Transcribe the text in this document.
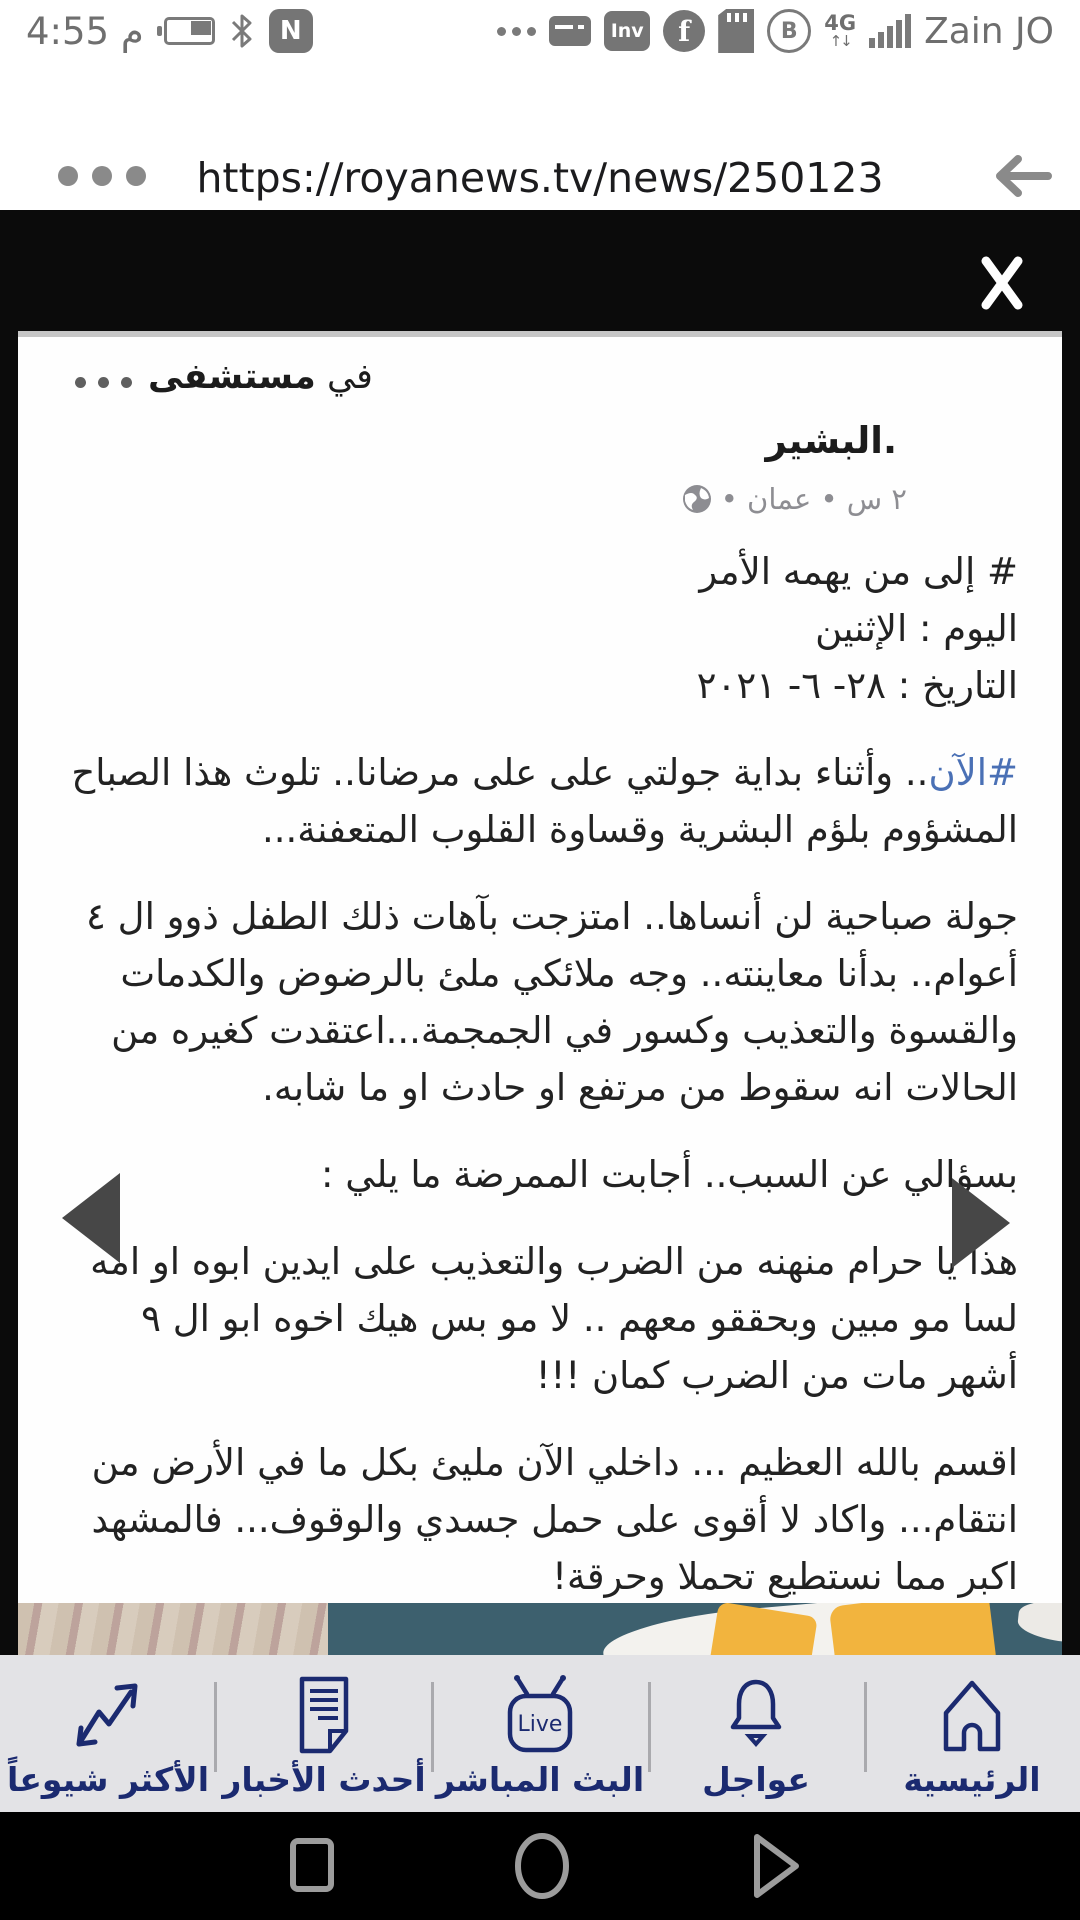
م 4:55	N	Inv	f	B	4G
↑↓ Zain JO
https://royanews.tv/news/250123
في مستشفى
البشير.
٢ س • عمان •
# إلى من يهمه الأمر
اليوم : الإثنين
التاريخ : ٢٨- ٦- ٢٠٢١
#الآن.. وأثناء بداية جولتي على على مرضانا.. تلوث هذا الصباح
المشؤوم بلؤم البشرية وقساوة القلوب المتعفنة...
جولة صباحية لن أنساها.. امتزجت بآهات ذلك الطفل ذوو ال ٤
أعوام.. بدأنا معاينته.. وجه ملائكي ملئ بالرضوض والكدمات
والقسوة والتعذيب وكسور في الجمجمة...اعتقدت كغيره من
الحالات انه سقوط من مرتفع او حادث او ما شابه.
بسؤالي عن السبب.. أجابت الممرضة ما يلي :
هذا يا حرام منهنه من الضرب والتعذيب على ايدين ابوه او امه
لسا مو مبين وبحققو معهم .. لا مو بس هيك اخوه ابو ال ٩
أشهر مات من الضرب كمان !!!
اقسم بالله العظيم ... داخلي الآن مليئ بكل ما في الأرض من
انتقام... واكاد لا أقوى على حمل جسدي والوقوف... فالمشهد
اكبر مما نستطيع تحملا وحرقة!
الرئيسية
عواجل
Live
البث المباشر
أحدث الأخبار
الأكثر شيوعاً
